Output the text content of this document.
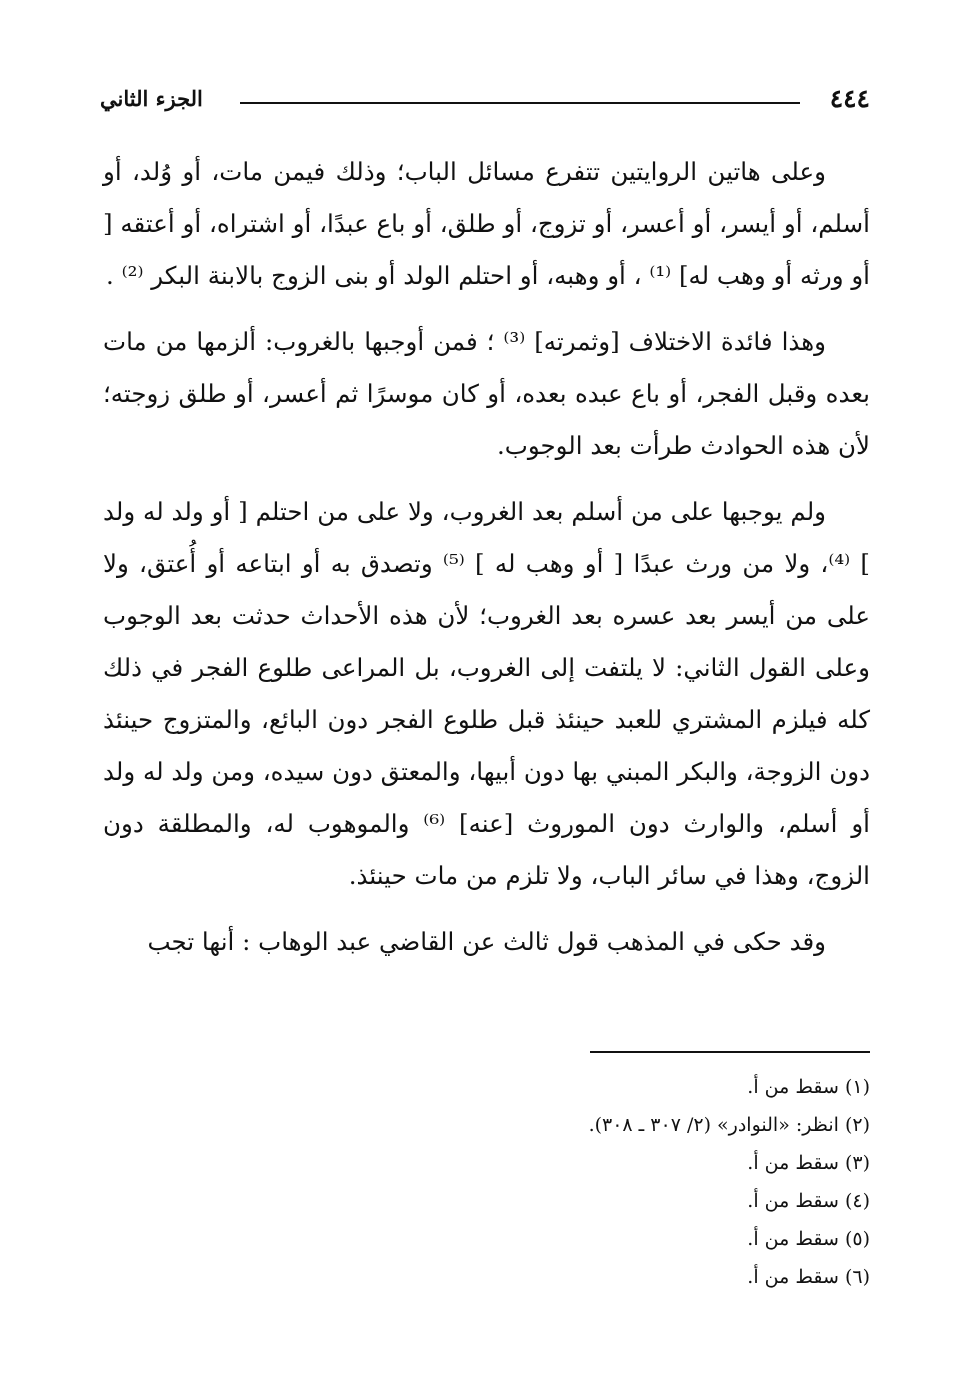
٤٤٤
الجزء الثاني

وعلى هاتين الروايتين تتفرع مسائل الباب؛ وذلك فيمن مات، أو وُلد، أو أسلم، أو أيسر، أو أعسر، أو تزوج، أو طلق، أو باع عبدًا، أو اشتراه، أو أعتقه [ أو ورثه أو وهب له] ⁽¹⁾ ، أو وهبه، أو احتلم الولد أو بنى الزوج بالابنة البكر ⁽²⁾ .

وهذا فائدة الاختلاف [وثمرته] ⁽³⁾ ؛ فمن أوجبها بالغروب: ألزمها من مات بعده وقبل الفجر، أو باع عبده بعده، أو كان موسرًا ثم أعسر، أو طلق زوجته؛ لأن هذه الحوادث طرأت بعد الوجوب.

ولم يوجبها على من أسلم بعد الغروب، ولا على من احتلم [ أو ولد له ولد ] ⁽⁴⁾، ولا من ورث عبدًا [ أو وهب له ] ⁽⁵⁾ وتصدق به أو ابتاعه أو أُعتق، ولا على من أيسر بعد عسره بعد الغروب؛ لأن هذه الأحداث حدثت بعد الوجوب وعلى القول الثاني: لا يلتفت إلى الغروب، بل المراعى طلوع الفجر في ذلك كله فيلزم المشتري للعبد حينئذ قبل طلوع الفجر دون البائع، والمتزوج حينئذ دون الزوجة، والبكر المبني بها دون أبيها، والمعتق دون سيده، ومن ولد له ولد أو أسلم، والوارث دون الموروث [عنه] ⁽⁶⁾ والموهوب له، والمطلقة دون الزوج، وهذا في سائر الباب، ولا تلزم من مات حينئذ.

وقد حكى في المذهب قول ثالث عن القاضي عبد الوهاب : أنها تجب

(١) سقط من أ.
(٢) انظر: «النوادر» (٢/ ٣٠٧ ـ ٣٠٨).
(٣) سقط من أ.
(٤) سقط من أ.
(٥) سقط من أ.
(٦) سقط من أ.
